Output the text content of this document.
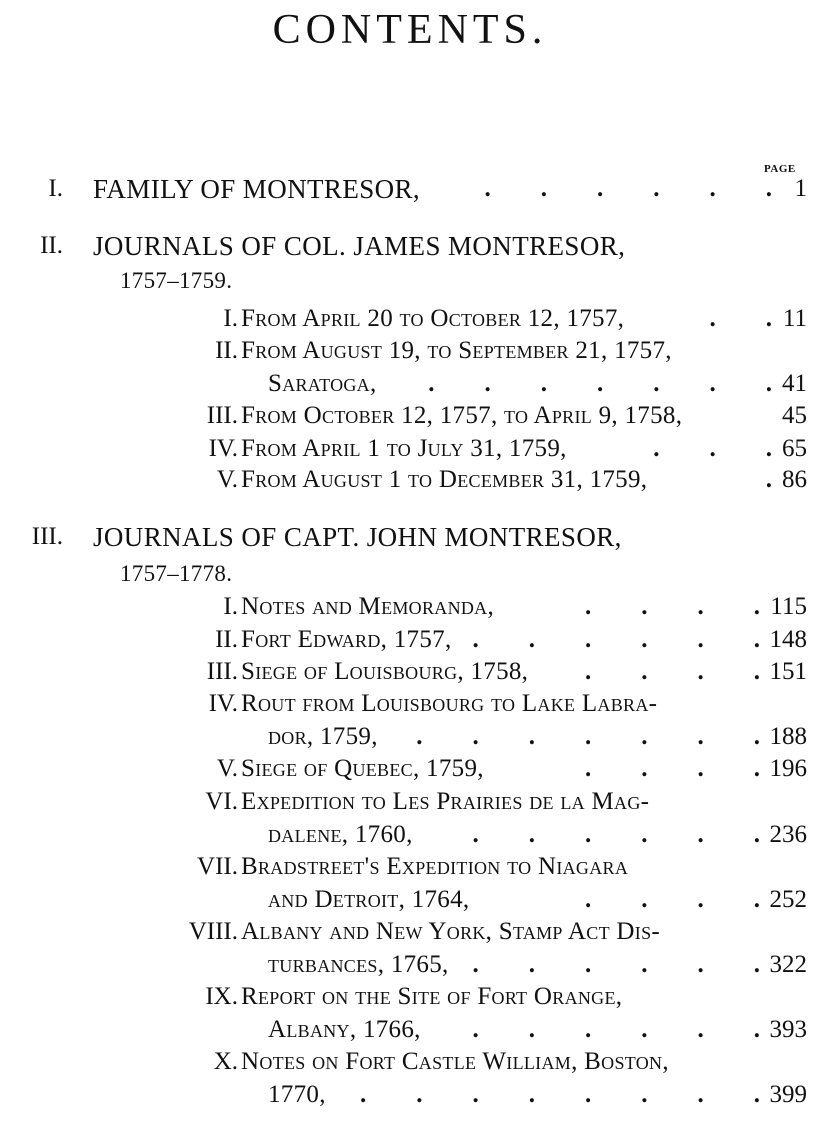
CONTENTS.
PAGE
I. FAMILY OF MONTRESOR, .	1
II. JOURNALS OF COL. JAMES MONTRESOR,
1757–1759.
I. From April 20 to October 12, 1757, .	11
II. From August 19, to September 21, 1757,
Saratoga, .	41
III. From October 12, 1757, to April 9, 1758,	45
IV. From April 1 to July 31, 1759, .	65
V. From August 1 to December 31, 1759, .	86
III. JOURNALS OF CAPT. JOHN MONTRESOR,
1757–1778.
I. Notes and Memoranda, .	115
II. Fort Edward, 1757, .	148
III. Siege of Louisbourg, 1758, .	151
IV. Rout from Louisbourg to Lake Labra-
dor, 1759, .	188
V. Siege of Quebec, 1759, .	196
VI. Expedition to Les Prairies de la Mag-
dalene, 1760, .	236
VII. Bradstreet's Expedition to Niagara
and Detroit, 1764, .	252
VIII. Albany and New York, Stamp Act Dis-
turbances, 1765, .	322
IX. Report on the Site of Fort Orange,
Albany, 1766, .	393
X. Notes on Fort Castle William, Boston,
1770, .	399
